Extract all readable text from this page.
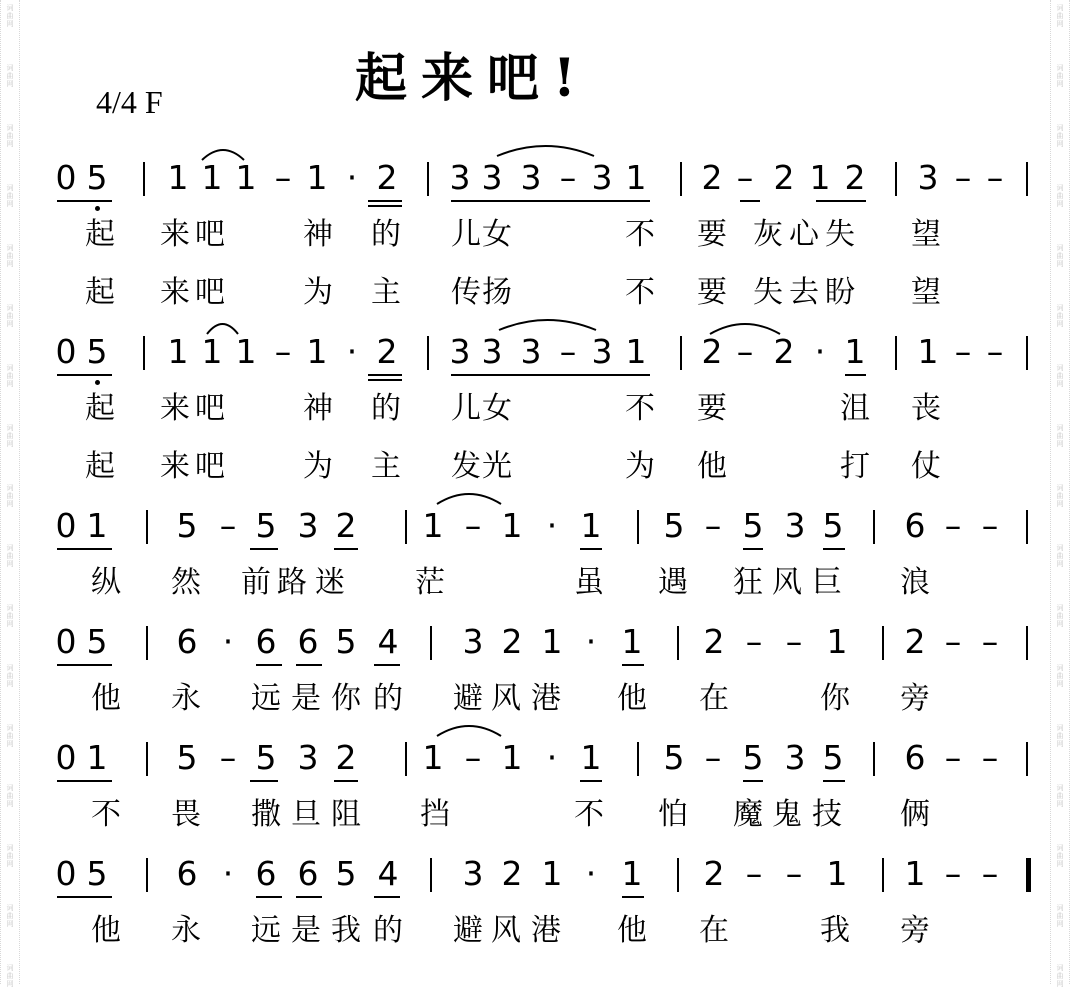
词
曲
网
词
曲
网
词
曲
网
词
曲
网
词
曲
网
词
曲
网
词
曲
网
词
曲
网
词
曲
网
词
曲
网
词
曲
网
词
曲
网
词
曲
网
词
曲
网
词
曲
网
词
曲
网
词
曲
网
词
曲
网
词
曲
网
词
曲
网
词
曲
网
词
曲
网
词
曲
网
词
曲
网
词
曲
网
词
曲
网
词
曲
网
词
曲
网
词
曲
网
词
曲
网
词
曲
网
词
曲
网
词
曲
网
词
曲
网
起来吧!
4/4 F
0 5 1 1 1 – 1 · 2 3 3 3 – 3 1 2 – 2 1 2 3 – –
起 来 吧	神 的 儿 女	不 要 灰 心 失 望
起 来 吧	为 主 传 扬	不 要 失 去 盼 望
0 5 1 1 1 – 1 · 2 3 3 3 – 3 1 2 – 2 · 1 1 – –
起 来 吧	神 的 儿 女	不 要	沮 丧
起 来 吧	为 主 发 光	为 他	打 仗
0 1 5 – 5 3 2 1 – 1 · 1 5 – 5 3 5 6 – –
纵 然 前 路 迷 茫	虽 遇 狂 风 巨 浪
0 5 6 · 6 6 5 4 3 2 1 · 1 2 – – 1 2 – –
他 永 远 是 你 的 避 风 港 他 在	你 旁
0 1 5 – 5 3 2 1 – 1 · 1 5 – 5 3 5 6 – –
不 畏 撒 旦 阻 挡	不 怕 魔 鬼 技 俩
0 5 6 · 6 6 5 4 3 2 1 · 1 2 – – 1 1 – –
他 永 远 是 我 的 避 风 港 他 在	我 旁
